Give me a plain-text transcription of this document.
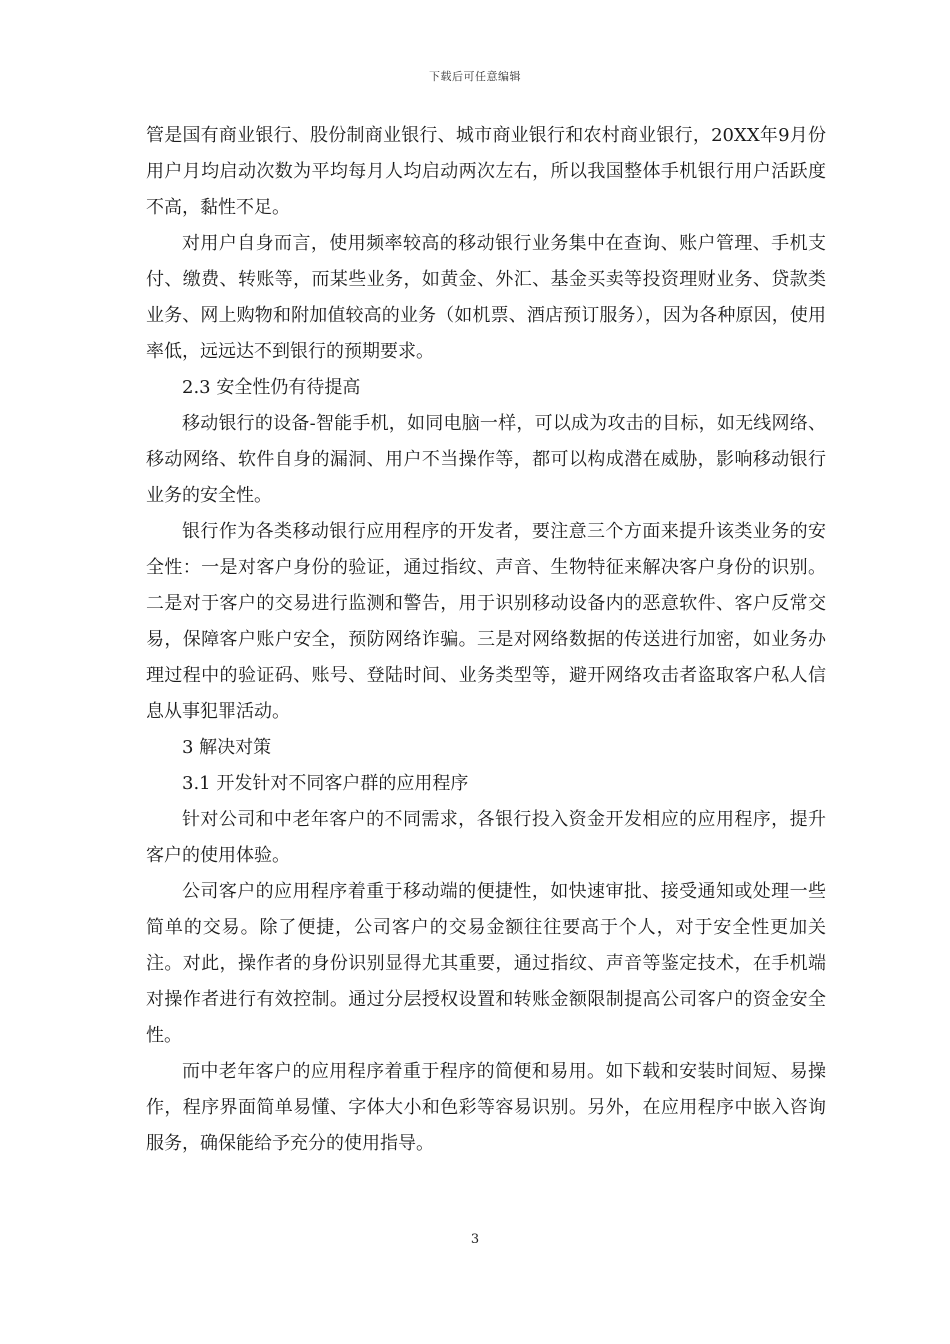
下载后可任意编辑

管是国有商业银行、股份制商业银行、城市商业银行和农村商业银行，20XX年9月份用户月均启动次数为平均每月人均启动两次左右，所以我国整体手机银行用户活跃度不高，黏性不足。

对用户自身而言，使用频率较高的移动银行业务集中在查询、账户管理、手机支付、缴费、转账等，而某些业务，如黄金、外汇、基金买卖等投资理财业务、贷款类业务、网上购物和附加值较高的业务（如机票、酒店预订服务），因为各种原因，使用率低，远远达不到银行的预期要求。

2.3 安全性仍有待提高

移动银行的设备-智能手机，如同电脑一样，可以成为攻击的目标，如无线网络、移动网络、软件自身的漏洞、用户不当操作等，都可以构成潜在威胁，影响移动银行业务的安全性。

银行作为各类移动银行应用程序的开发者，要注意三个方面来提升该类业务的安全性：一是对客户身份的验证，通过指纹、声音、生物特征来解决客户身份的识别。二是对于客户的交易进行监测和警告，用于识别移动设备内的恶意软件、客户反常交易，保障客户账户安全，预防网络诈骗。三是对网络数据的传送进行加密，如业务办理过程中的验证码、账号、登陆时间、业务类型等，避开网络攻击者盗取客户私人信息从事犯罪活动。

3 解决对策

3.1 开发针对不同客户群的应用程序

针对公司和中老年客户的不同需求，各银行投入资金开发相应的应用程序，提升客户的使用体验。

公司客户的应用程序着重于移动端的便捷性，如快速审批、接受通知或处理一些简单的交易。除了便捷，公司客户的交易金额往往要高于个人，对于安全性更加关注。对此，操作者的身份识别显得尤其重要，通过指纹、声音等鉴定技术，在手机端对操作者进行有效控制。通过分层授权设置和转账金额限制提高公司客户的资金安全性。

而中老年客户的应用程序着重于程序的简便和易用。如下载和安装时间短、易操作，程序界面简单易懂、字体大小和色彩等容易识别。另外，在应用程序中嵌入咨询服务，确保能给予充分的使用指导。

3
